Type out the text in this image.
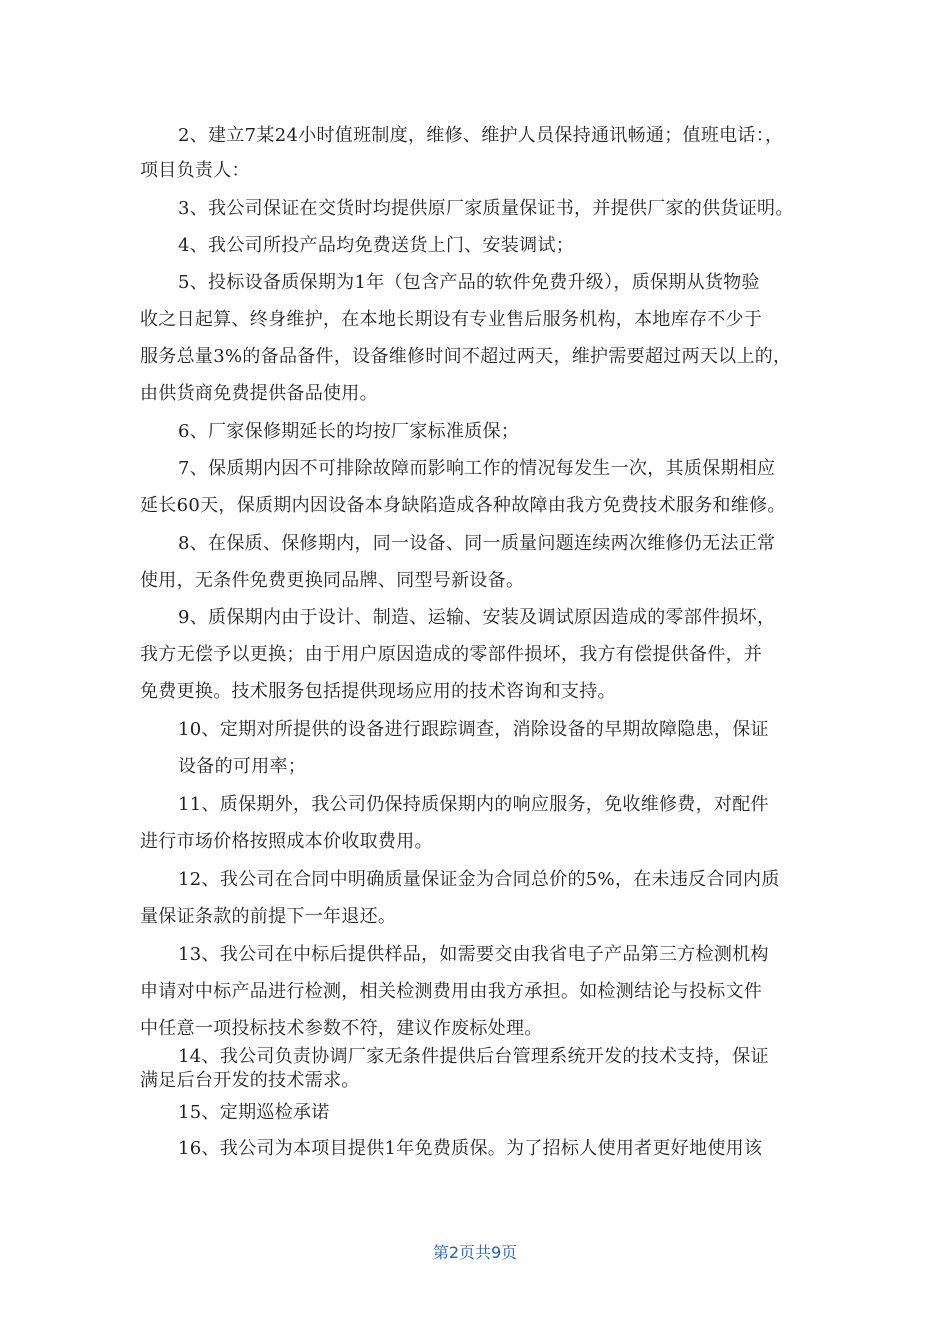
2、建立7某24小时值班制度，维修、维护人员保持通讯畅通；值班电话：，
项目负责人：
3、我公司保证在交货时均提供原厂家质量保证书，并提供厂家的供货证明。
4、我公司所投产品均免费送货上门、安装调试；
5、投标设备质保期为1年（包含产品的软件免费升级），质保期从货物验
收之日起算、终身维护，在本地长期设有专业售后服务机构，本地库存不少于
服务总量3%的备品备件，设备维修时间不超过两天，维护需要超过两天以上的，
由供货商免费提供备品使用。
6、厂家保修期延长的均按厂家标准质保；
7、保质期内因不可排除故障而影响工作的情况每发生一次，其质保期相应
延长60天，保质期内因设备本身缺陷造成各种故障由我方免费技术服务和维修。
8、在保质、保修期内，同一设备、同一质量问题连续两次维修仍无法正常
使用，无条件免费更换同品牌、同型号新设备。
9、质保期内由于设计、制造、运输、安装及调试原因造成的零部件损坏，
我方无偿予以更换；由于用户原因造成的零部件损坏，我方有偿提供备件，并
免费更换。技术服务包括提供现场应用的技术咨询和支持。
10、定期对所提供的设备进行跟踪调查，消除设备的早期故障隐患，保证
设备的可用率；
11、质保期外，我公司仍保持质保期内的响应服务，免收维修费，对配件
进行市场价格按照成本价收取费用。
12、我公司在合同中明确质量保证金为合同总价的5%，在未违反合同内质
量保证条款的前提下一年退还。
13、我公司在中标后提供样品，如需要交由我省电子产品第三方检测机构
申请对中标产品进行检测，相关检测费用由我方承担。如检测结论与投标文件
中任意一项投标技术参数不符，建议作废标处理。
14、我公司负责协调厂家无条件提供后台管理系统开发的技术支持，保证
满足后台开发的技术需求。
15、定期巡检承诺
16、我公司为本项目提供1年免费质保。为了招标人使用者更好地使用该
第2页共9页
